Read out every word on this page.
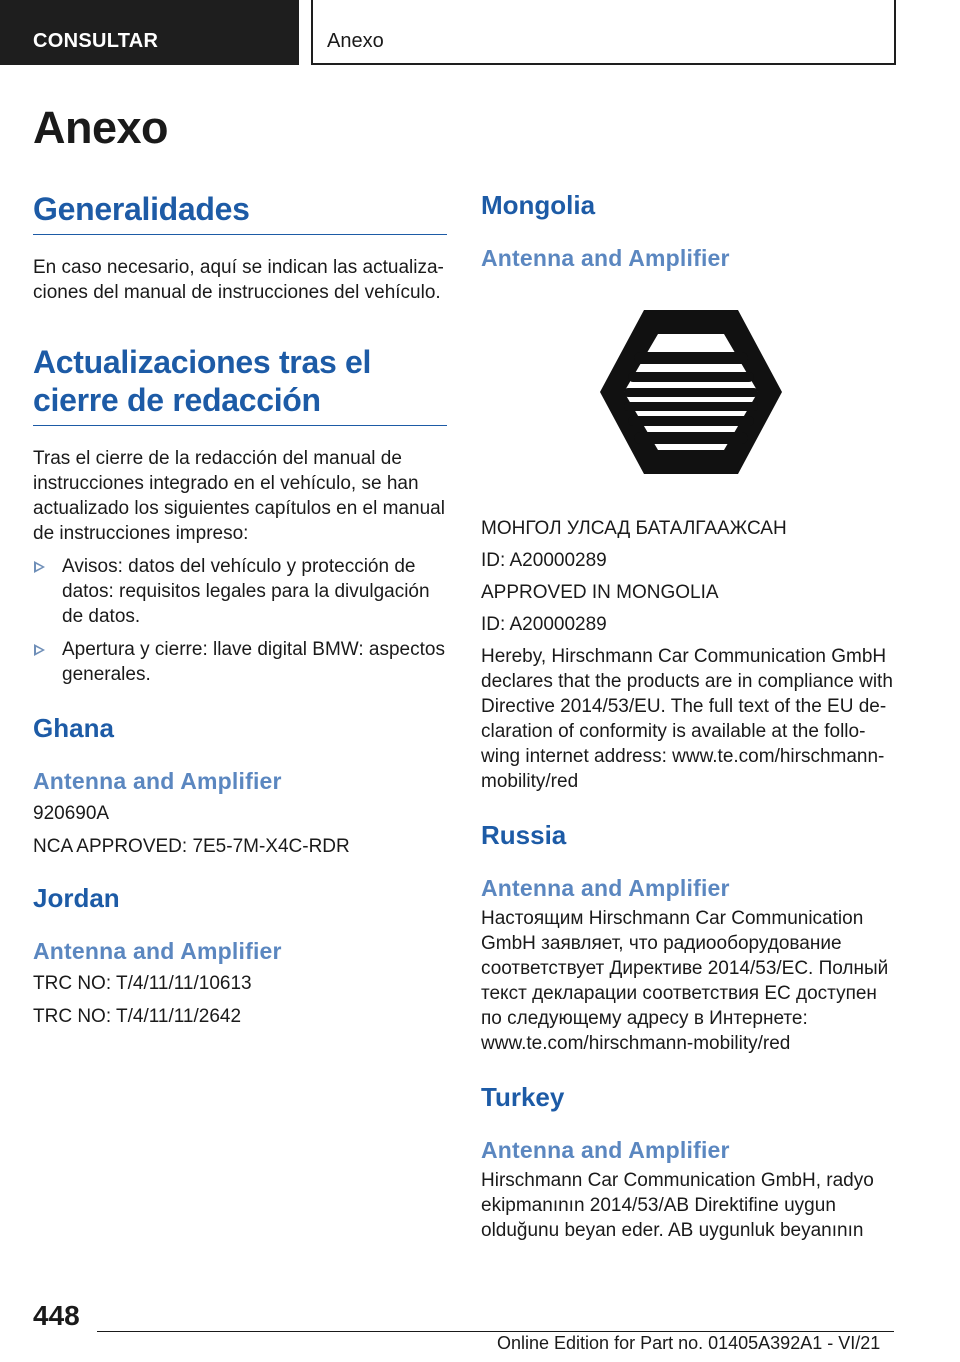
CONSULTAR	Anexo
Anexo
Generalidades
En caso necesario, aquí se indican las actualiza-
ciones del manual de instrucciones del vehículo.
Actualizaciones tras el
cierre de redacción
Tras el cierre de la redacción del manual de
instrucciones integrado en el vehículo, se han
actualizado los siguientes capítulos en el manual
de instrucciones impreso:
Avisos: datos del vehículo y protección de
datos: requisitos legales para la divulgación
de datos.
Apertura y cierre: llave digital BMW: aspectos
generales.
Ghana
Antenna and Amplifier
920690A
NCA APPROVED: 7E5-7M-X4C-RDR
Jordan
Antenna and Amplifier
TRC NO: T/4/11/11/10613
TRC NO: T/4/11/11/2642
Mongolia
Antenna and Amplifier
МОНГОЛ УЛСАД БАТАЛГААЖСАН
ID: A20000289
APPROVED IN MONGOLIA
ID: A20000289
Hereby, Hirschmann Car Communication GmbH
declares that the products are in compliance with
Directive 2014/53/EU. The full text of the EU de-
claration of conformity is available at the follo-
wing internet address: www.te.com/hirschmann-
mobility/red
Russia
Antenna and Amplifier
Настоящим Hirschmann Car Communication
GmbH заявляет, что радиооборудование
соответствует Директиве 2014/53/ЕС. Полный
текст декларации соответствия ЕС доступен
по следующему адресу в Интернете:
www.te.com/hirschmann-mobility/red
Turkey
Antenna and Amplifier
Hirschmann Car Communication GmbH, radyo
ekipmanının 2014/53/AB Direktifine uygun
olduğunu beyan eder. AB uygunluk beyanının
448
Online Edition for Part no. 01405A392A1 - VI/21
